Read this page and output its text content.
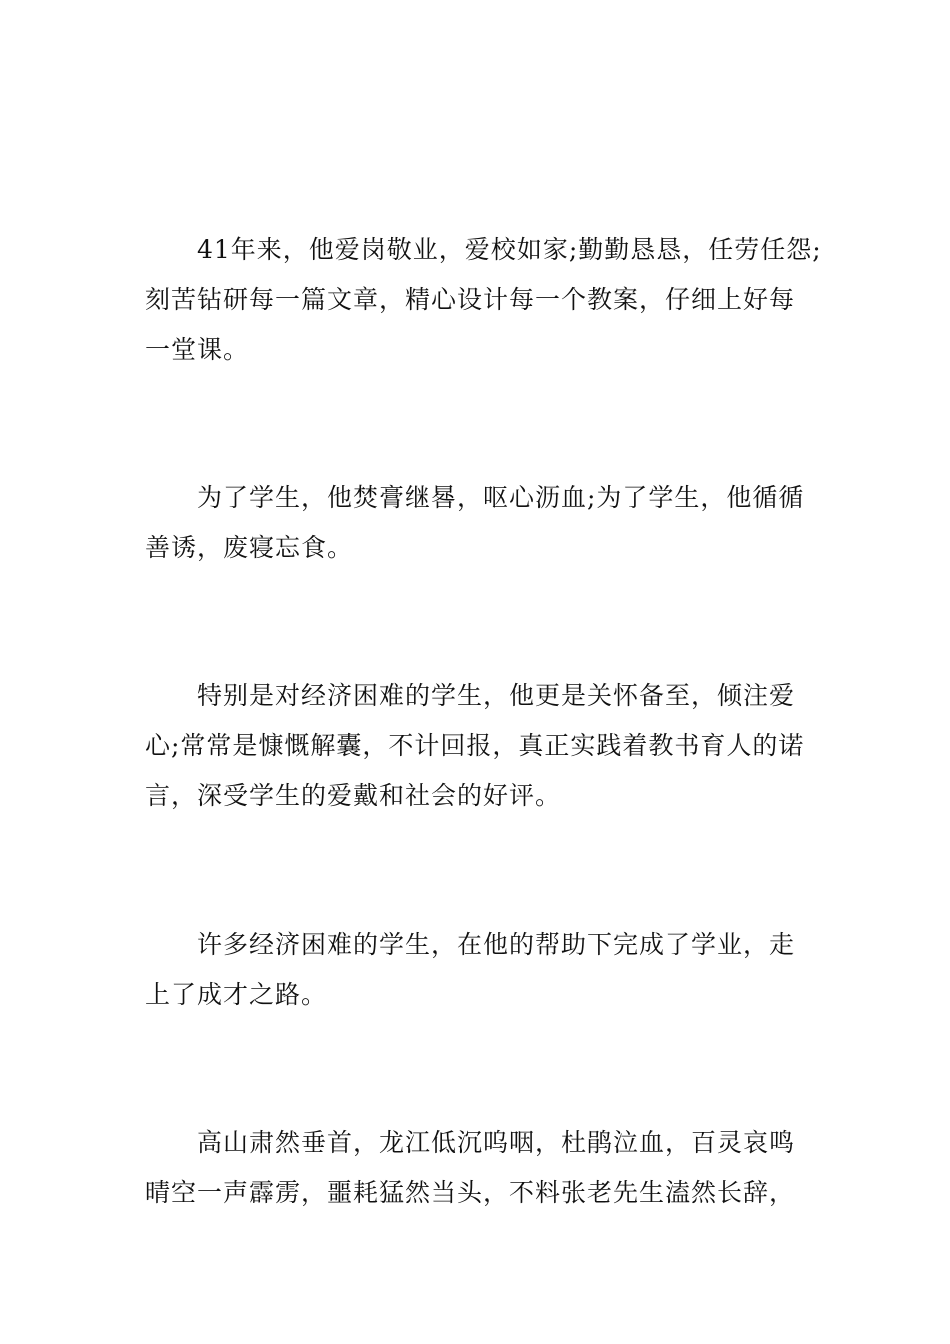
41年来，他爱岗敬业，爱校如家;勤勤恳恳，任劳任怨;

刻苦钻研每一篇文章，精心设计每一个教案，仔细上好每

一堂课。

为了学生，他焚膏继晷，呕心沥血;为了学生，他循循

善诱，废寝忘食。

特别是对经济困难的学生，他更是关怀备至，倾注爱

心;常常是慷慨解囊，不计回报，真正实践着教书育人的诺

言，深受学生的爱戴和社会的好评。

许多经济困难的学生，在他的帮助下完成了学业，走

上了成才之路。

高山肃然垂首，龙江低沉呜咽，杜鹃泣血，百灵哀鸣

晴空一声霹雳，噩耗猛然当头，不料张老先生溘然长辞，
